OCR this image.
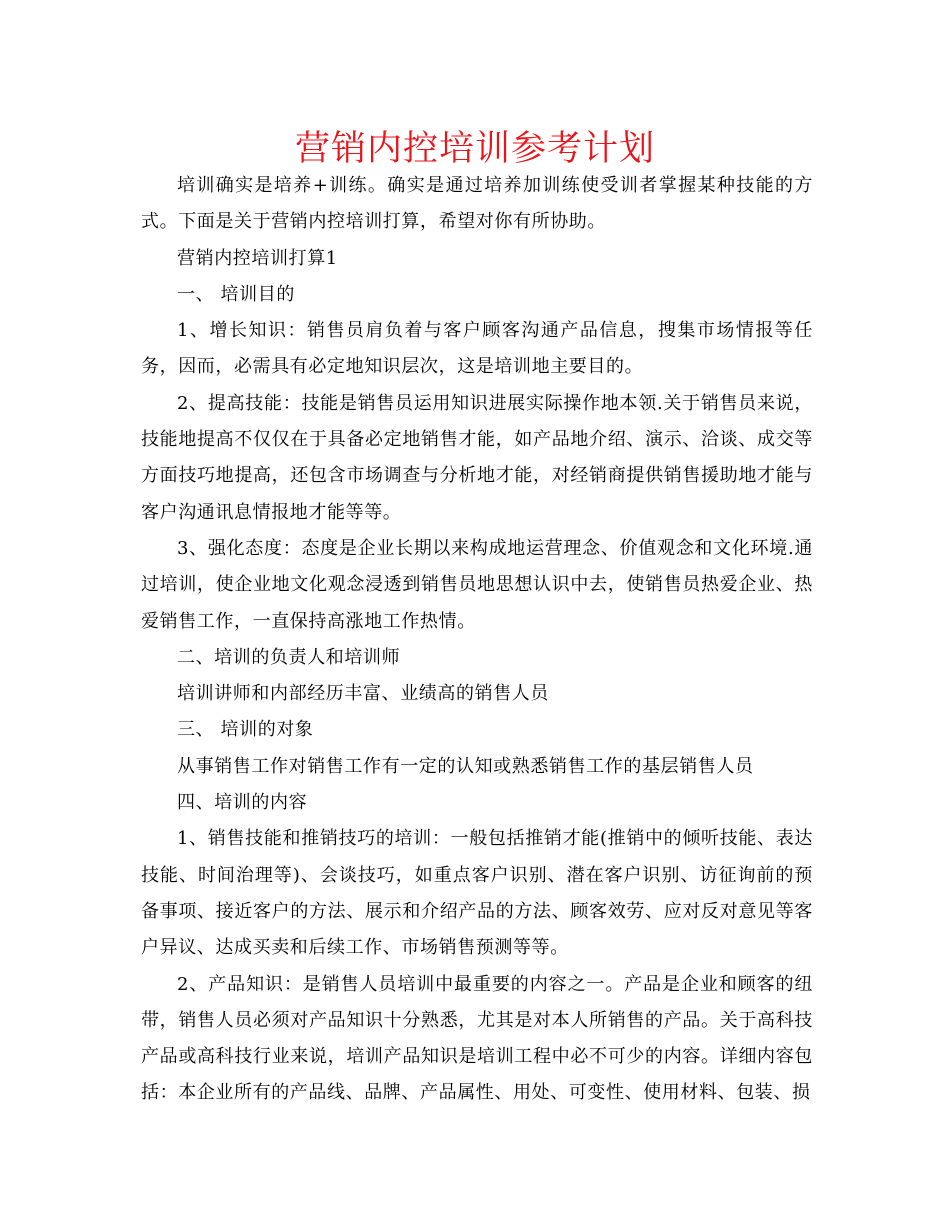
营销内控培训参考计划

培训确实是培养+训练。确实是通过培养加训练使受训者掌握某种技能的方式。下面是关于营销内控培训打算，希望对你有所协助。

营销内控培训打算1

一、 培训目的

1、增长知识：销售员肩负着与客户顾客沟通产品信息，搜集市场情报等任务，因而，必需具有必定地知识层次，这是培训地主要目的。

2、提高技能：技能是销售员运用知识进展实际操作地本领.关于销售员来说，技能地提高不仅仅在于具备必定地销售才能，如产品地介绍、演示、洽谈、成交等方面技巧地提高，还包含市场调查与分析地才能，对经销商提供销售援助地才能与客户沟通讯息情报地才能等等。

3、强化态度：态度是企业长期以来构成地运营理念、价值观念和文化环境.通过培训，使企业地文化观念浸透到销售员地思想认识中去，使销售员热爱企业、热爱销售工作，一直保持高涨地工作热情。

二、培训的负责人和培训师

培训讲师和内部经历丰富、业绩高的销售人员

三、 培训的对象

从事销售工作对销售工作有一定的认知或熟悉销售工作的基层销售人员

四、培训的内容

1、销售技能和推销技巧的培训：一般包括推销才能(推销中的倾听技能、表达技能、时间治理等)、会谈技巧，如重点客户识别、潜在客户识别、访征询前的预备事项、接近客户的方法、展示和介绍产品的方法、顾客效劳、应对反对意见等客户异议、达成买卖和后续工作、市场销售预测等等。

2、产品知识：是销售人员培训中最重要的内容之一。产品是企业和顾客的纽带，销售人员必须对产品知识十分熟悉，尤其是对本人所销售的产品。关于高科技产品或高科技行业来说，培训产品知识是培训工程中必不可少的内容。详细内容包括：本企业所有的产品线、品牌、产品属性、用处、可变性、使用材料、包装、损
